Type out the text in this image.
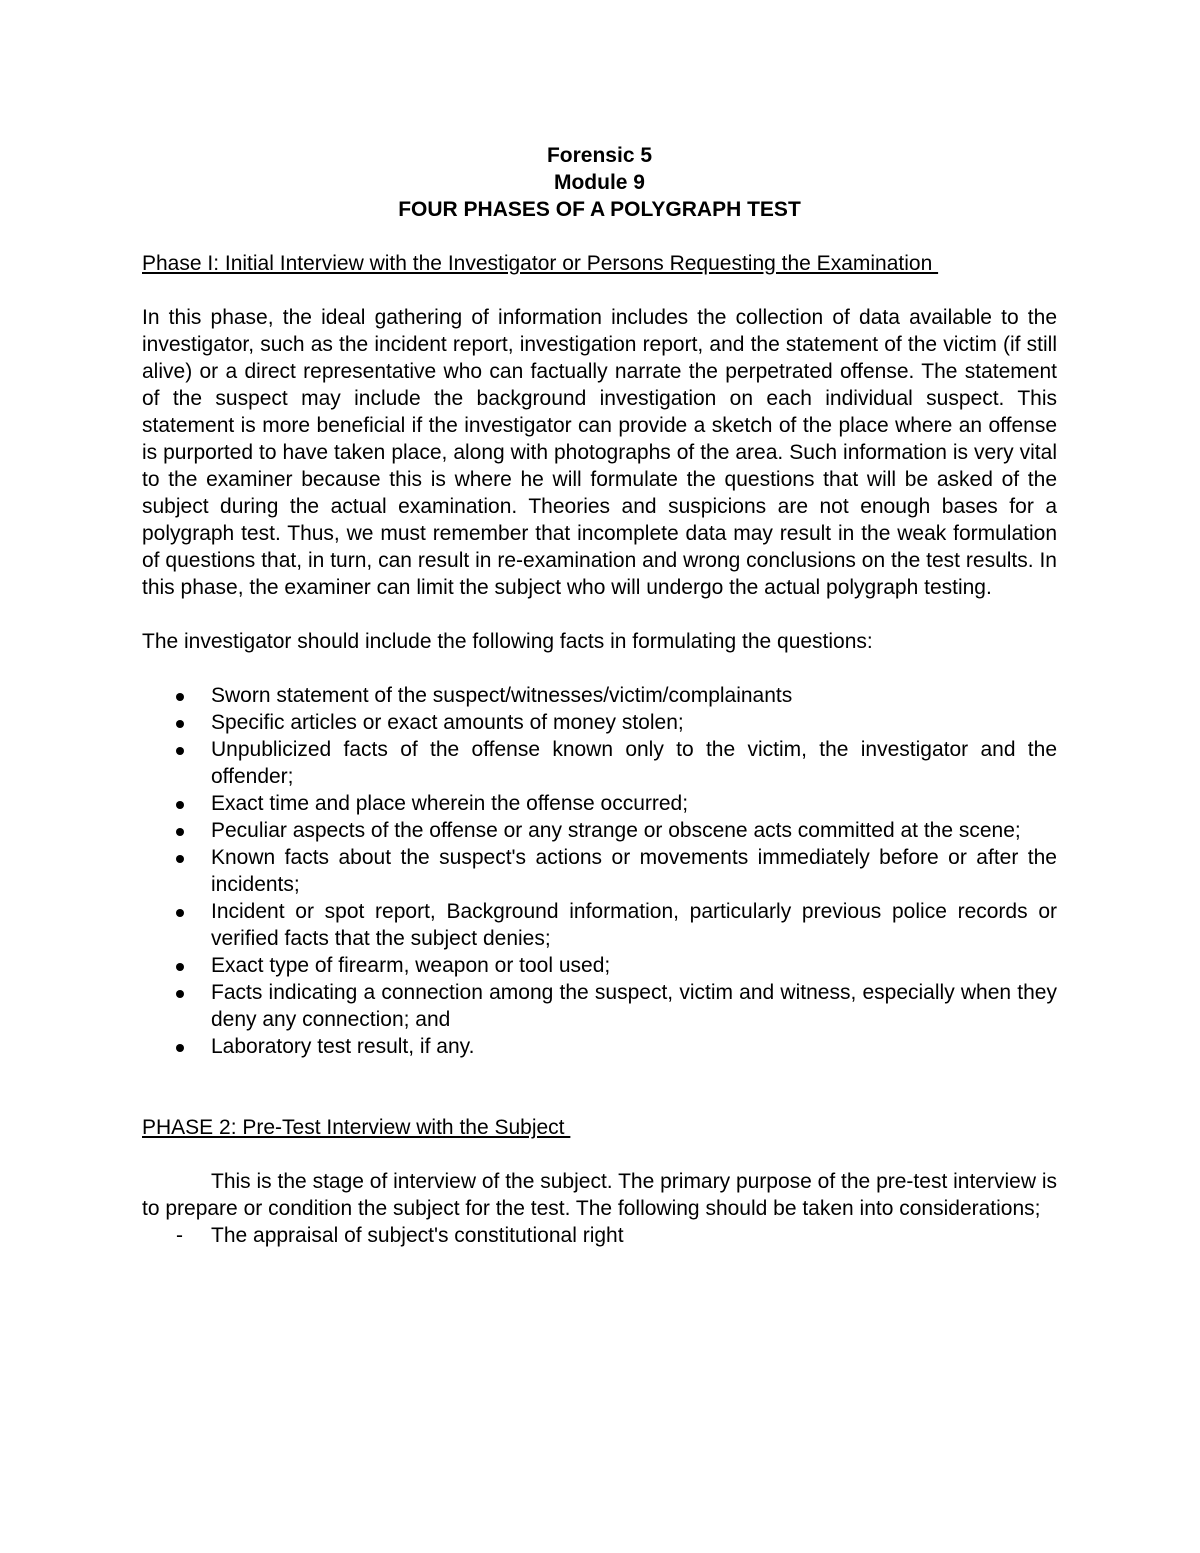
Forensic 5
Module 9
FOUR PHASES OF A POLYGRAPH TEST
Phase I: Initial Interview with the Investigator or Persons Requesting the Examination
In this phase, the ideal gathering of information includes the collection of data available to the investigator, such as the incident report, investigation report, and the statement of the victim (if still alive) or a direct representative who can factually narrate the perpetrated offense. The statement of the suspect may include the background investigation on each individual suspect. This statement is more beneficial if the investigator can provide a sketch of the place where an offense is purported to have taken place, along with photographs of the area. Such information is very vital to the examiner because this is where he will formulate the questions that will be asked of the subject during the actual examination. Theories and suspicions are not enough bases for a polygraph test. Thus, we must remember that incomplete data may result in the weak formulation of questions that, in turn, can result in re-examination and wrong conclusions on the test results. In this phase, the examiner can limit the subject who will undergo the actual polygraph testing.
The investigator should include the following facts in formulating the questions:
Sworn statement of the suspect/witnesses/victim/complainants
Specific articles or exact amounts of money stolen;
Unpublicized facts of the offense known only to the victim, the investigator and the offender;
Exact time and place wherein the offense occurred;
Peculiar aspects of the offense or any strange or obscene acts committed at the scene;
Known facts about the suspect's actions or movements immediately before or after the incidents;
Incident or spot report, Background information, particularly previous police records or verified facts that the subject denies;
Exact type of firearm, weapon or tool used;
Facts indicating a connection among the suspect, victim and witness, especially when they deny any connection; and
Laboratory test result, if any.
PHASE 2: Pre-Test Interview with the Subject
This is the stage of interview of the subject. The primary purpose of the pre-test interview is to prepare or condition the subject for the test. The following should be taken into considerations;
- The appraisal of subject's constitutional right
